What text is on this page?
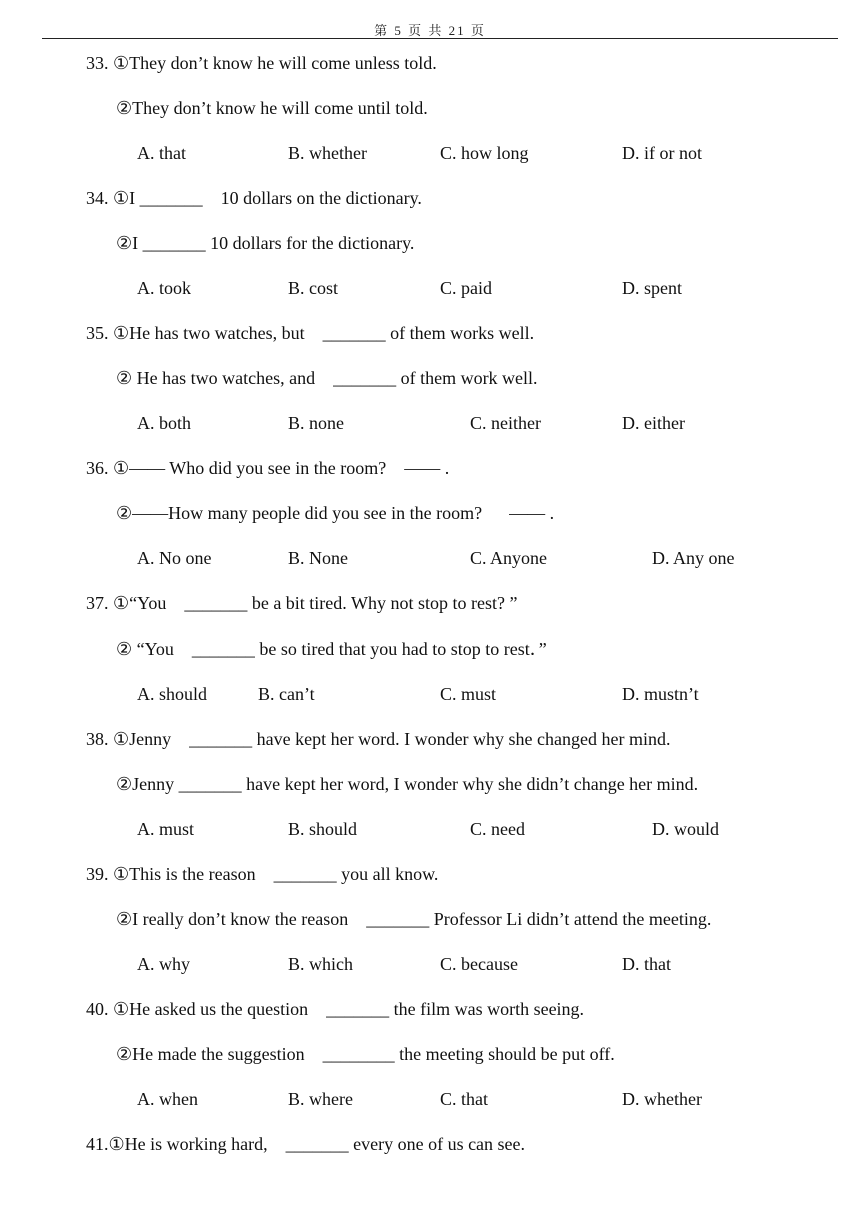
第 5 页 共 21 页
33. ①They don’t know he will come unless told.
②They don’t know he will come until told.
A. that	B. whether	C. how long	D. if or not
34. ①I _______    10 dollars on the dictionary.
②I _______ 10 dollars for the dictionary.
A. took	B. cost	C. paid	D. spent
35. ①He has two watches, but    _______ of them works well.
② He has two watches, and    _______ of them work well.
A. both	B. none	C. neither	D. either
36. ①—— Who did you see in the room?    —— .
②——How many people did you see in the room?      —— .
A. No one	B. None	C. Anyone	D. Any one
37. ①“You    _______ be a bit tired. Why not stop to rest? ”
② “You    _______ be so tired that you had to stop to rest．”
A. should	B. can’t	C. must	D. mustn’t
38. ①Jenny    _______ have kept her word. I wonder why she changed her mind.
②Jenny _______ have kept her word, I wonder why she didn’t change her mind.
A. must	B. should	C. need	D. would
39. ①This is the reason    _______ you all know.
②I really don’t know the reason    _______ Professor Li didn’t attend the meeting.
A. why	B. which	C. because	D. that
40. ①He asked us the question    _______ the film was worth seeing.
②He made the suggestion    ________ the meeting should be put off.
A. when	B. where	C. that	D. whether
41.①He is working hard,    _______ every one of us can see.
